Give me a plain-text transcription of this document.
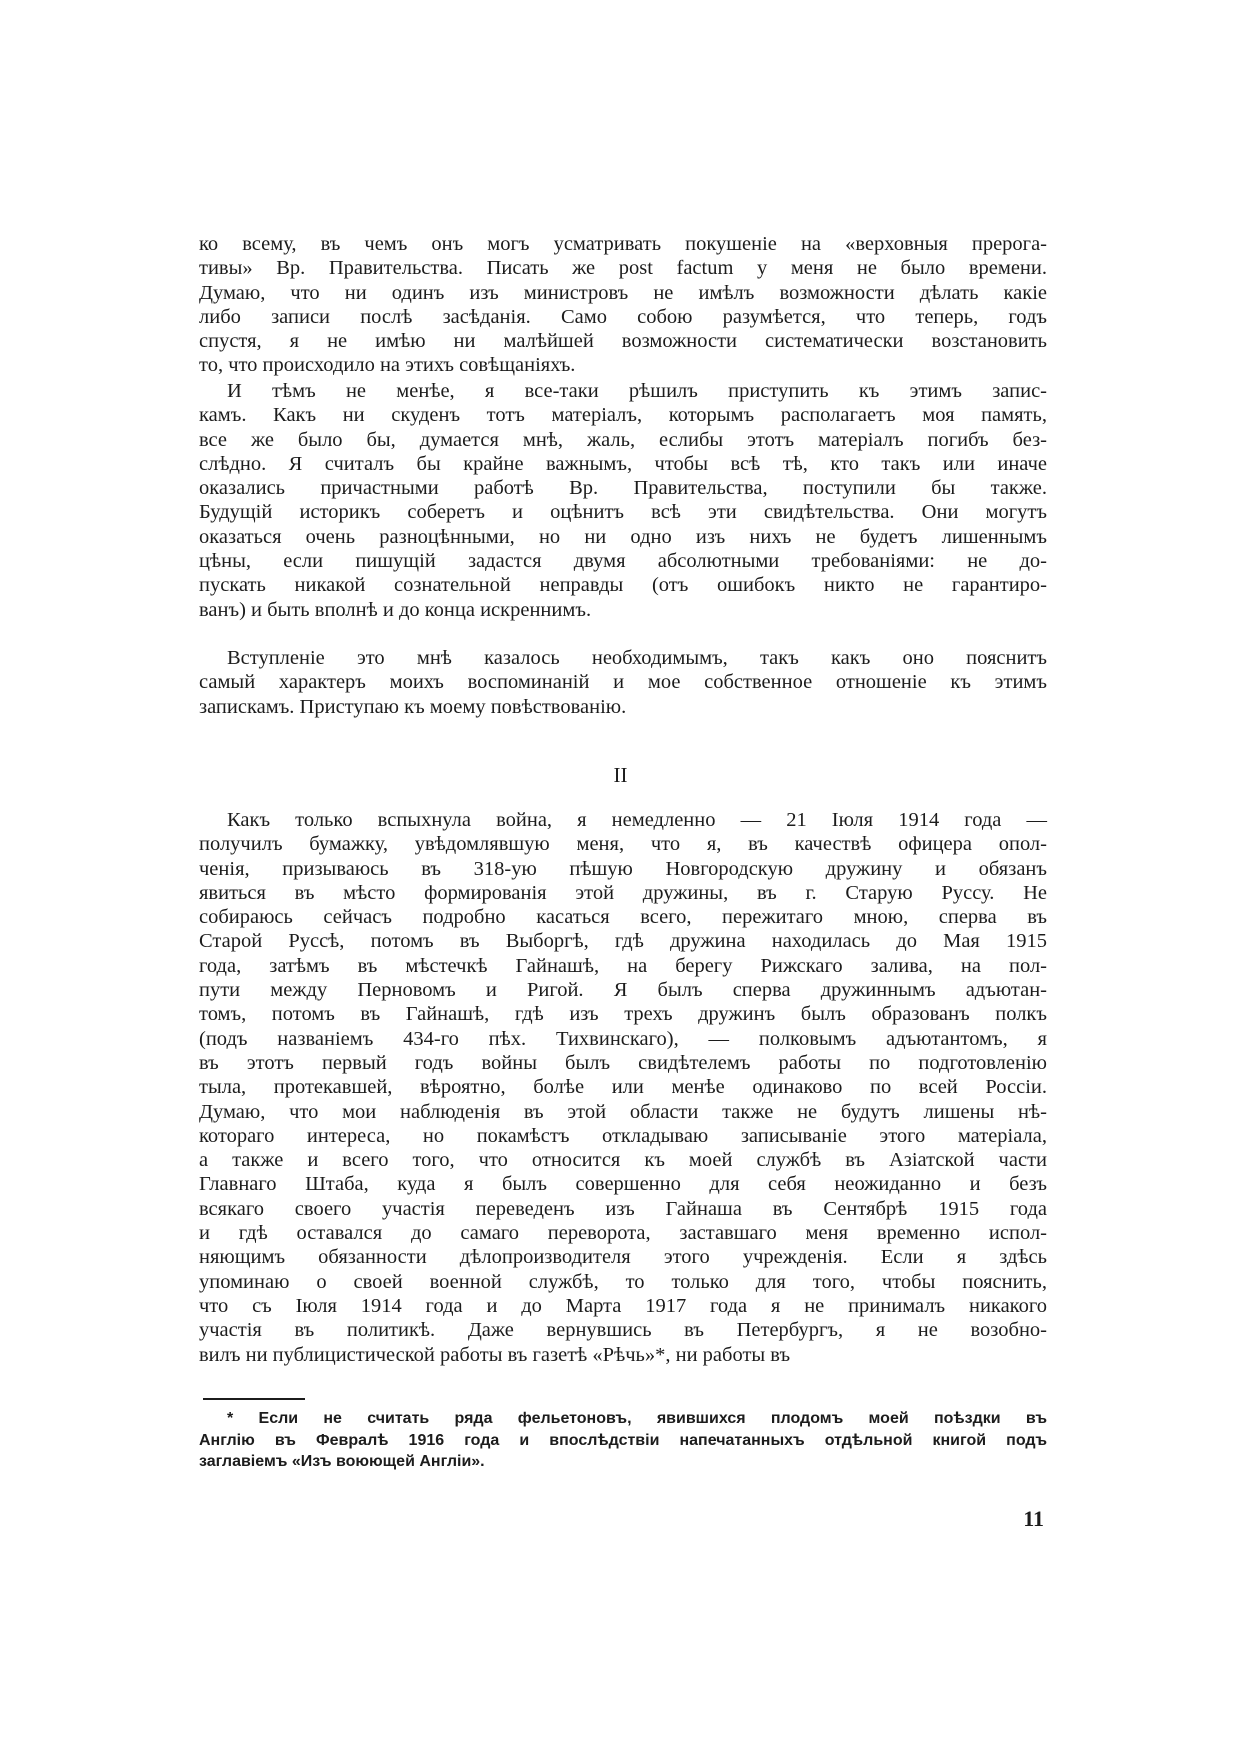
ко всему, въ чемъ онъ могъ усматривать покушеніе на «верховныя прерога-
тивы» Вр. Правительства. Писать же post factum у меня не было времени.
Думаю, что ни одинъ изъ министровъ не имѣлъ возможности дѣлать какіе
либо записи послѣ засѣданія. Само собою разумѣется, что теперь, годъ
спустя, я не имѣю ни малѣйшей возможности систематически возстановить
то, что происходило на этихъ совѣщаніяхъ.
И тѣмъ не менѣе, я все-таки рѣшилъ приступить къ этимъ запис-
камъ. Какъ ни скуденъ тотъ матеріалъ, которымъ располагаетъ моя память,
все же было бы, думается мнѣ, жаль, еслибы этотъ матеріалъ погибъ без-
слѣдно. Я считалъ бы крайне важнымъ, чтобы всѣ тѣ, кто такъ или иначе
оказались причастными работѣ Вр. Правительства, поступили бы также.
Будущій историкъ соберетъ и оцѣнитъ всѣ эти свидѣтельства. Они могутъ
оказаться очень разноцѣнными, но ни одно изъ нихъ не будетъ лишеннымъ
цѣны, если пишущій задастся двумя абсолютными требованіями: не до-
пускать никакой сознательной неправды (отъ ошибокъ никто не гарантиро-
ванъ) и быть вполнѣ и до конца искреннимъ.
Вступленіе это мнѣ казалось необходимымъ, такъ какъ оно пояснитъ
самый характеръ моихъ воспоминаній и мое собственное отношеніе къ этимъ
запискамъ. Приступаю къ моему повѣствованію.
II
Какъ только вспыхнула война, я немедленно — 21 Іюля 1914 года —
получилъ бумажку, увѣдомлявшую меня, что я, въ качествѣ офицера опол-
ченія, призываюсь въ 318-ую пѣшую Новгородскую дружину и обязанъ
явиться въ мѣсто формированія этой дружины, въ г. Старую Руссу. Не
собираюсь сейчасъ подробно касаться всего, пережитаго мною, сперва въ
Старой Руссѣ, потомъ въ Выборгѣ, гдѣ дружина находилась до Мая 1915
года, затѣмъ въ мѣстечкѣ Гайнашѣ, на берегу Рижскаго залива, на пол-
пути между Перновомъ и Ригой. Я былъ сперва дружиннымъ адъютан-
томъ, потомъ въ Гайнашѣ, гдѣ изъ трехъ дружинъ былъ образованъ полкъ
(подъ названіемъ 434-го пѣх. Тихвинскаго), — полковымъ адъютантомъ, я
въ этотъ первый годъ войны былъ свидѣтелемъ работы по подготовленію
тыла, протекавшей, вѣроятно, болѣе или менѣе одинаково по всей Россіи.
Думаю, что мои наблюденія въ этой области также не будутъ лишены нѣ-
котораго интереса, но покамѣстъ откладываю записываніе этого матеріала,
а также и всего того, что относится къ моей службѣ въ Азіатской части
Главнаго Штаба, куда я былъ совершенно для себя неожиданно и безъ
всякаго своего участія переведенъ изъ Гайнаша въ Сентябрѣ 1915 года
и гдѣ оставался до самаго переворота, заставшаго меня временно испол-
няющимъ обязанности дѣлопроизводителя этого учрежденія. Если я здѣсь
упоминаю о своей военной службѣ, то только для того, чтобы пояснить,
что съ Іюля 1914 года и до Марта 1917 года я не принималъ никакого
участія въ политикѣ. Даже вернувшись въ Петербургъ, я не возобно-
вилъ ни публицистической работы въ газетѣ «Рѣчь»*, ни работы въ
* Если не считать ряда фельетоновъ, явившихся плодомъ моей поѣздки въ
Англію въ Февралѣ 1916 года и впослѣдствіи напечатанныхъ отдѣльной книгой подъ
заглавіемъ «Изъ воюющей Англіи».
11
